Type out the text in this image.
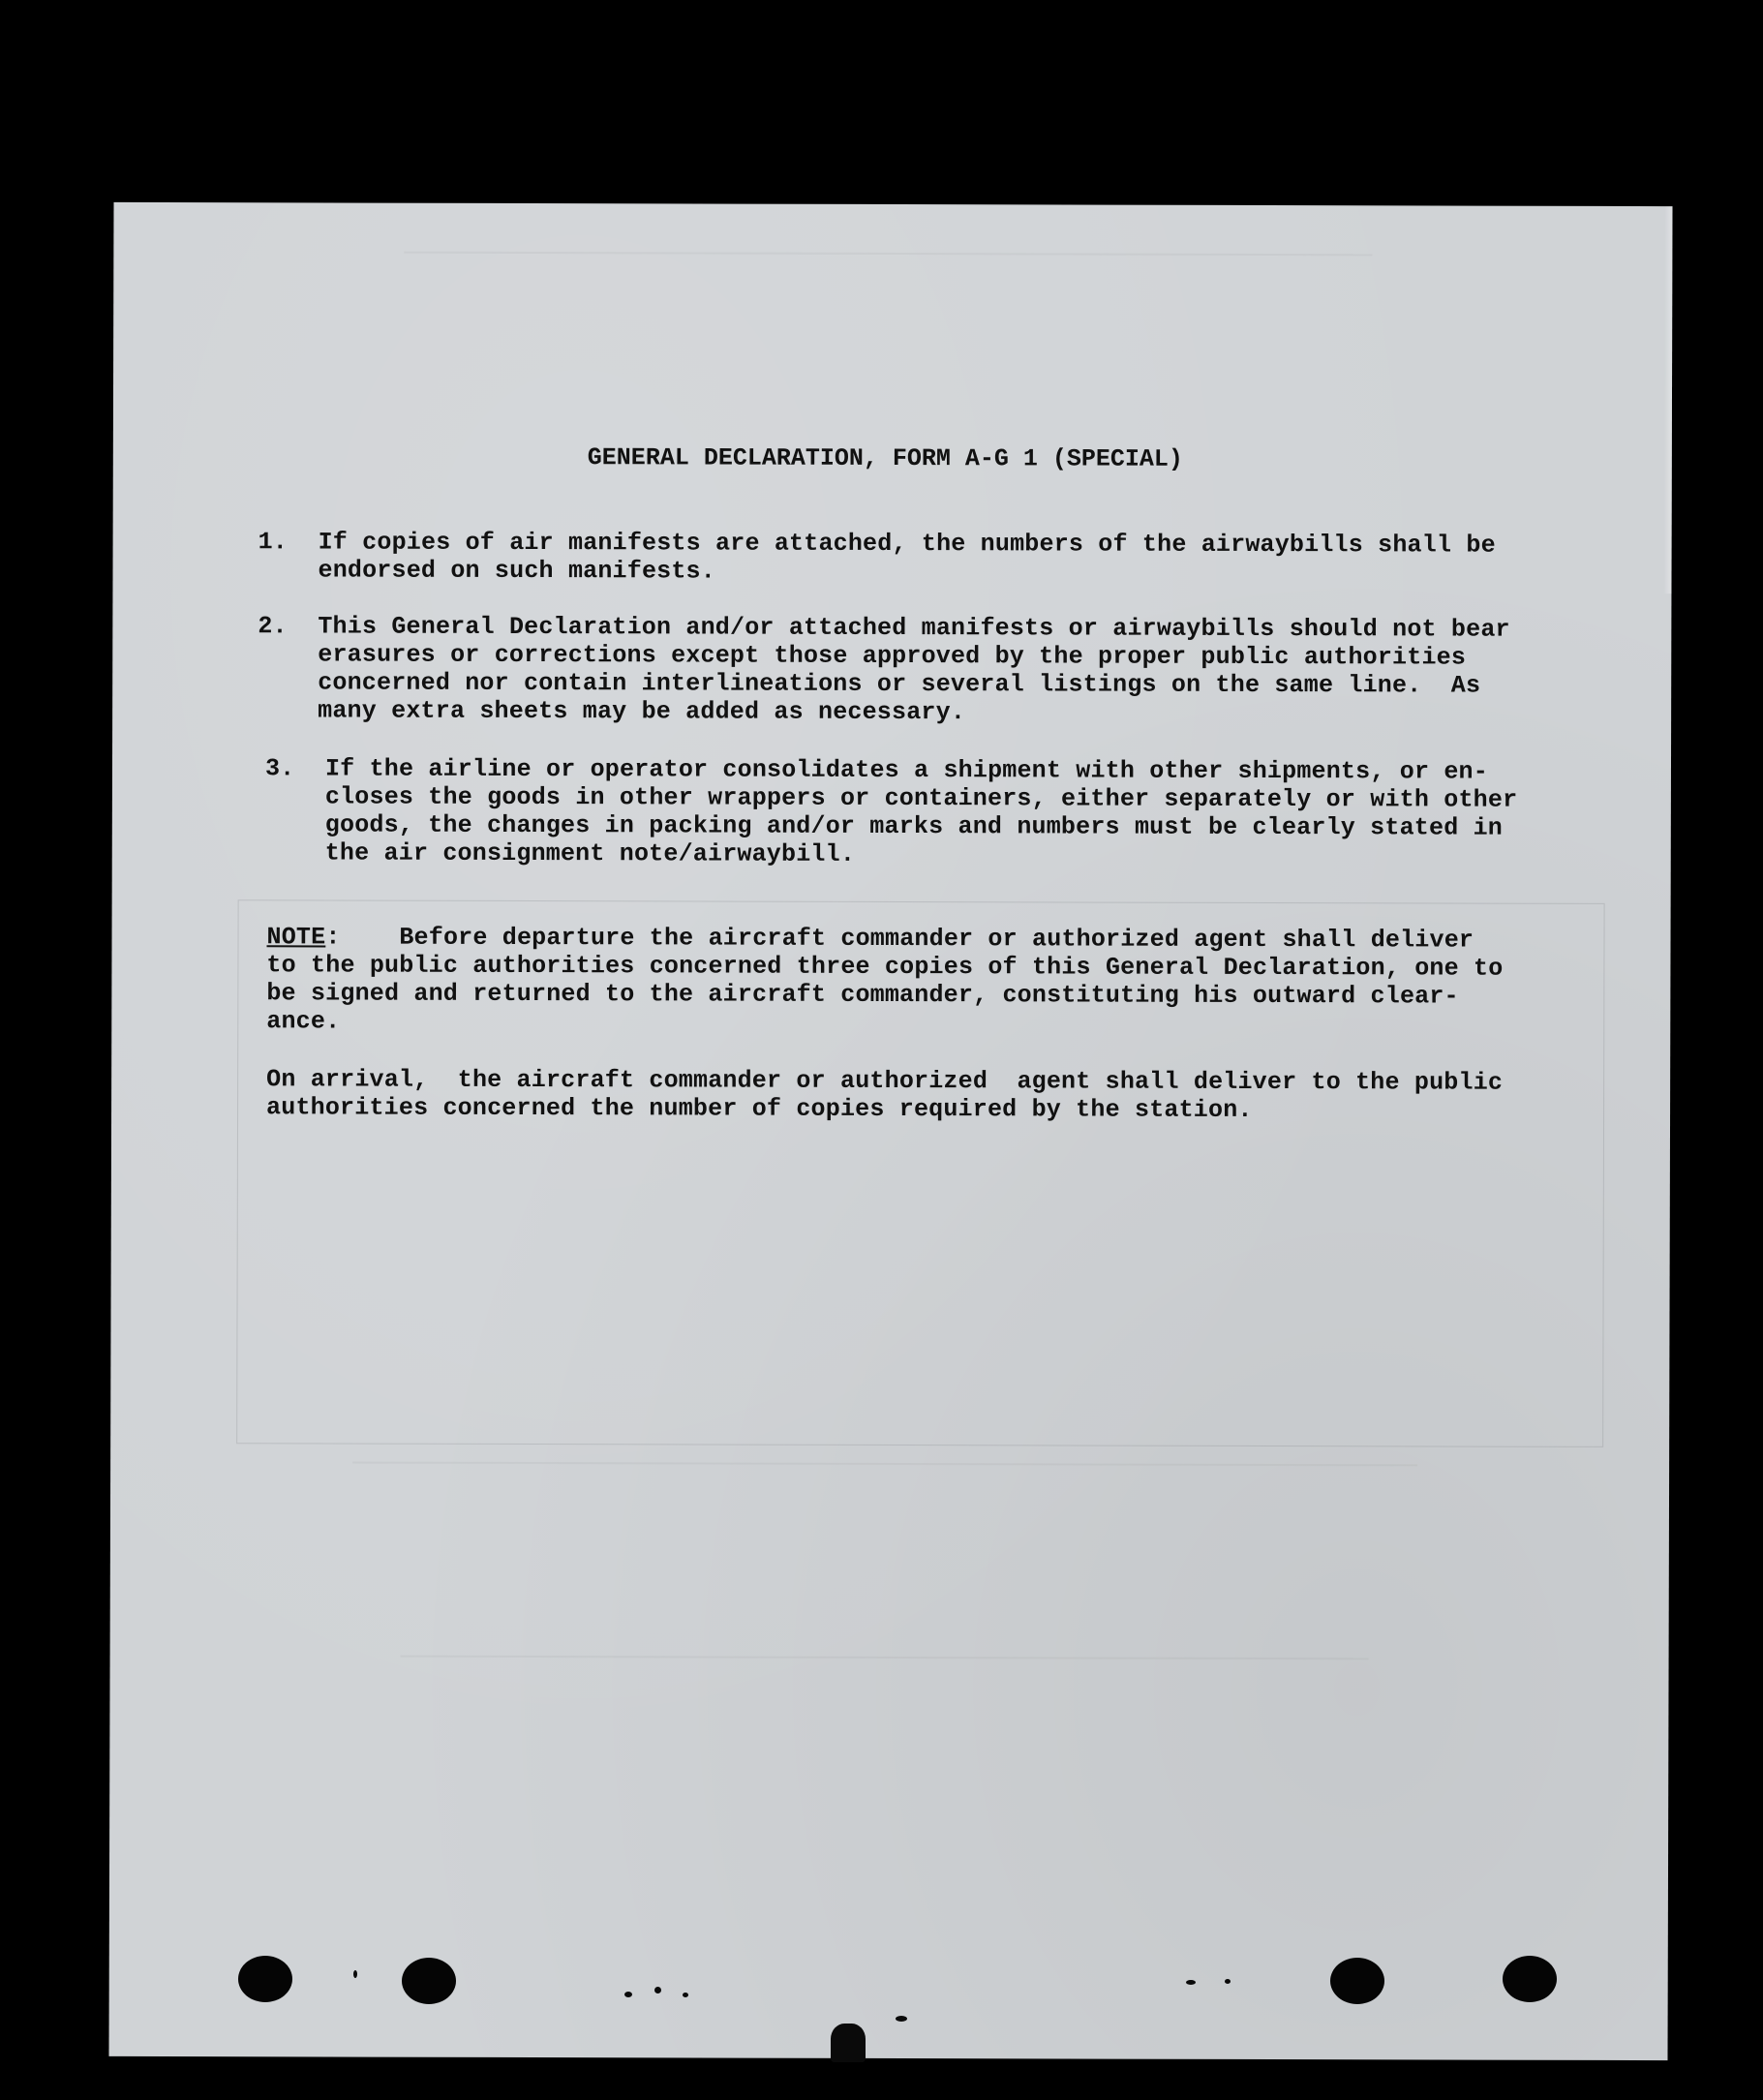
GENERAL DECLARATION, FORM A-G 1 (SPECIAL)
1.	If copies of air manifests are attached, the numbers of the airwaybills shall be
endorsed on such manifests.
2.	This General Declaration and/or attached manifests or airwaybills should not bear
erasures or corrections except those approved by the proper public authorities
concerned nor contain interlineations or several listings on the same line.  As
many extra sheets may be added as necessary.
3.	If the airline or operator consolidates a shipment with other shipments, or en-
closes the goods in other wrappers or containers, either separately or with other
goods, the changes in packing and/or marks and numbers must be clearly stated in
the air consignment note/airwaybill.
NOTE:    Before departure the aircraft commander or authorized agent shall deliver
to the public authorities concerned three copies of this General Declaration, one to
be signed and returned to the aircraft commander, constituting his outward clear-
ance.
On arrival,  the aircraft commander or authorized  agent shall deliver to the public
authorities concerned the number of copies required by the station.
